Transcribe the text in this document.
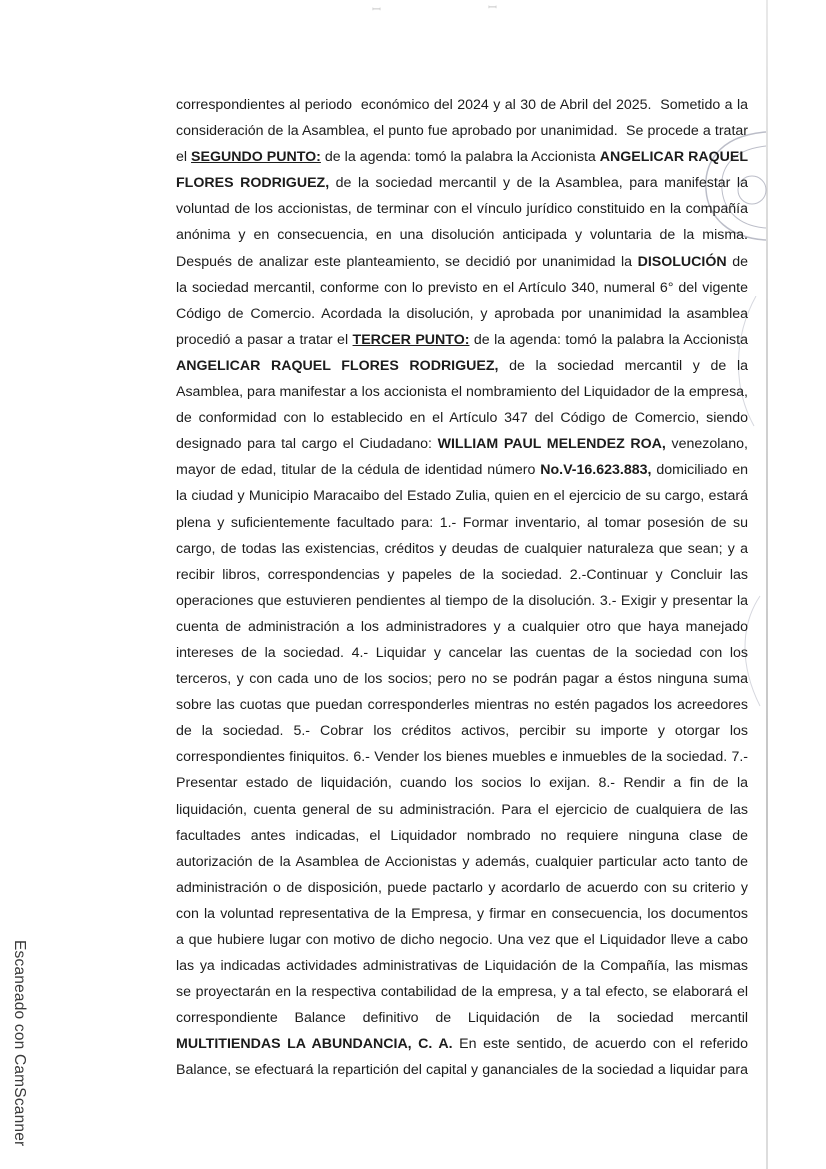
ꟷ	ꟷ
correspondientes al periodo  económico del 2024 y al 30 de Abril del 2025.  Sometido a la
consideración de la Asamblea, el punto fue aprobado por unanimidad.  Se procede a tratar
el SEGUNDO PUNTO: de la agenda: tomó la palabra la Accionista ANGELICAR RAQUEL
FLORES RODRIGUEZ, de la sociedad mercantil y de la Asamblea, para manifestar la
voluntad de los accionistas, de terminar con el vínculo jurídico constituido en la compañía
anónima y en consecuencia, en una disolución anticipada y voluntaria de la misma.
Después de analizar este planteamiento, se decidió por unanimidad la DISOLUCIÓN de
la sociedad mercantil, conforme con lo previsto en el Artículo 340, numeral 6° del vigente
Código de Comercio. Acordada la disolución, y aprobada por unanimidad la asamblea
procedió a pasar a tratar el TERCER PUNTO: de la agenda: tomó la palabra la Accionista
ANGELICAR RAQUEL FLORES RODRIGUEZ, de la sociedad mercantil y de la
Asamblea, para manifestar a los accionista el nombramiento del Liquidador de la empresa,
de conformidad con lo establecido en el Artículo 347 del Código de Comercio, siendo
designado para tal cargo el Ciudadano: WILLIAM PAUL MELENDEZ ROA, venezolano,
mayor de edad, titular de la cédula de identidad número No.V-16.623.883, domiciliado en
la ciudad y Municipio Maracaibo del Estado Zulia, quien en el ejercicio de su cargo, estará
plena y suficientemente facultado para: 1.- Formar inventario, al tomar posesión de su
cargo, de todas las existencias, créditos y deudas de cualquier naturaleza que sean; y a
recibir libros, correspondencias y papeles de la sociedad. 2.-Continuar y Concluir las
operaciones que estuvieren pendientes al tiempo de la disolución. 3.- Exigir y presentar la
cuenta de administración a los administradores y a cualquier otro que haya manejado
intereses de la sociedad. 4.- Liquidar y cancelar las cuentas de la sociedad con los
terceros, y con cada uno de los socios; pero no se podrán pagar a éstos ninguna suma
sobre las cuotas que puedan corresponderles mientras no estén pagados los acreedores
de la sociedad. 5.- Cobrar los créditos activos, percibir su importe y otorgar los
correspondientes finiquitos. 6.- Vender los bienes muebles e inmuebles de la sociedad. 7.-
Presentar estado de liquidación, cuando los socios lo exijan. 8.- Rendir a fin de la
liquidación, cuenta general de su administración. Para el ejercicio de cualquiera de las
facultades antes indicadas, el Liquidador nombrado no requiere ninguna clase de
autorización de la Asamblea de Accionistas y además, cualquier particular acto tanto de
administración o de disposición, puede pactarlo y acordarlo de acuerdo con su criterio y
con la voluntad representativa de la Empresa, y firmar en consecuencia, los documentos
a que hubiere lugar con motivo de dicho negocio. Una vez que el Liquidador lleve a cabo
las ya indicadas actividades administrativas de Liquidación de la Compañía, las mismas
se proyectarán en la respectiva contabilidad de la empresa, y a tal efecto, se elaborará el
correspondiente Balance definitivo de Liquidación de la sociedad mercantil
MULTITIENDAS LA ABUNDANCIA, C. A. En este sentido, de acuerdo con el referido
Balance, se efectuará la repartición del capital y gananciales de la sociedad a liquidar para
Escaneado con CamScanner
